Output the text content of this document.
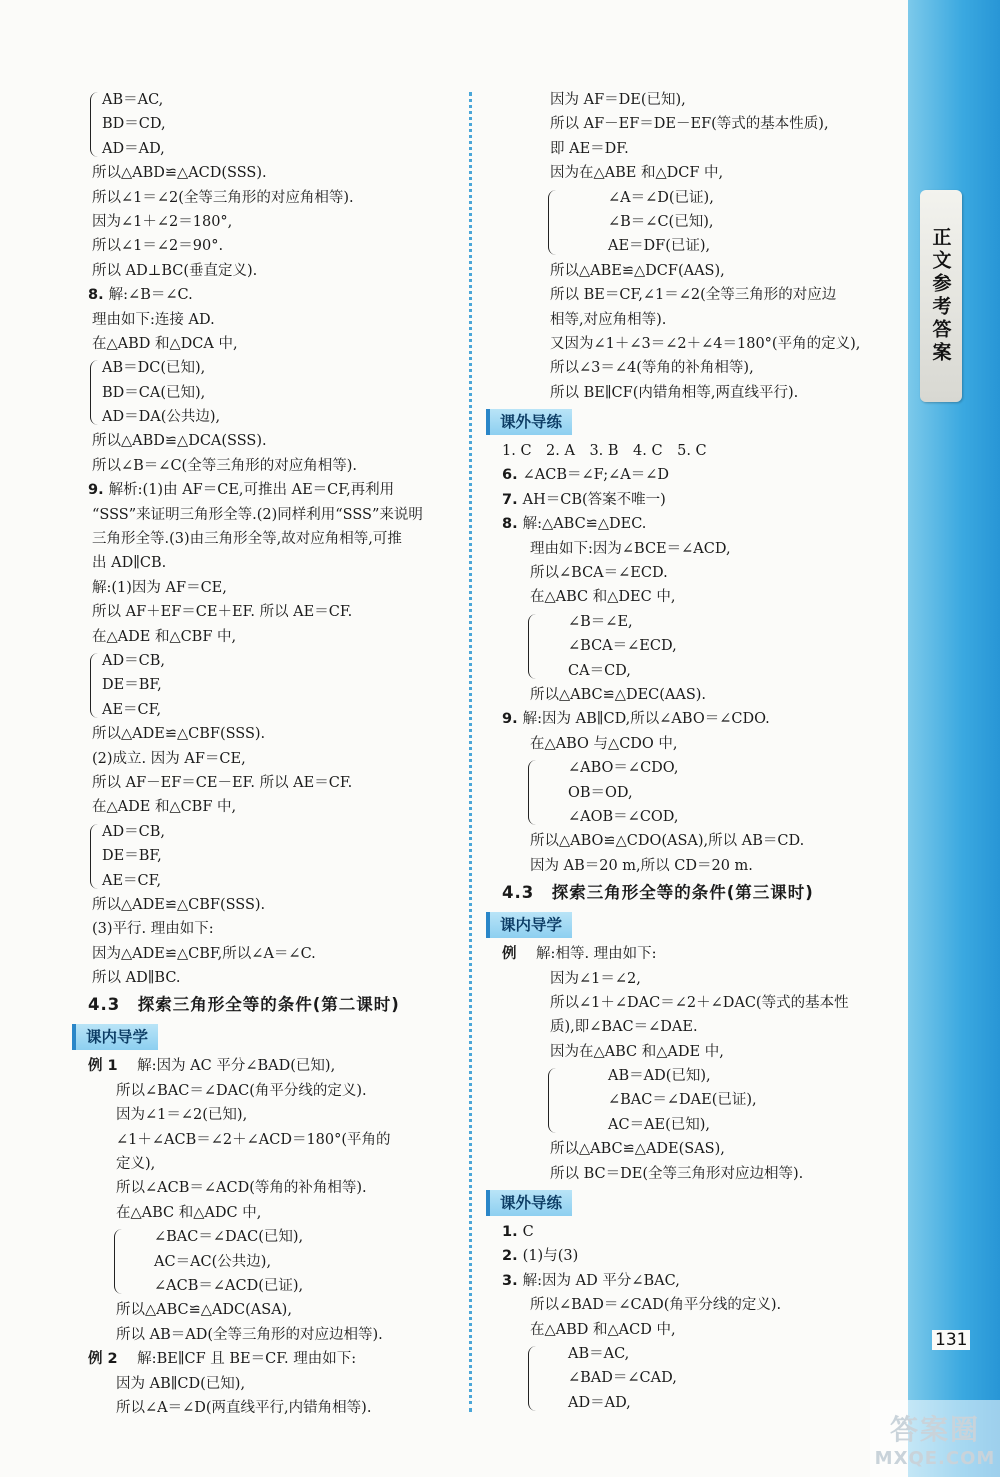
正文参考答案
AB＝AC,
BD＝CD,
AD＝AD,
所以△ABD≌△ACD(SSS).
所以∠1＝∠2(全等三角形的对应角相等).
因为∠1＋∠2＝180°,
所以∠1＝∠2＝90°.
所以 AD⊥BC(垂直定义).
8. 解:∠B＝∠C.
理由如下:连接 AD.
在△ABD 和△DCA 中,
AB＝DC(已知),
BD＝CA(已知),
AD＝DA(公共边),
所以△ABD≌△DCA(SSS).
所以∠B＝∠C(全等三角形的对应角相等).
9. 解析:(1)由 AF＝CE,可推出 AE＝CF,再利用
“SSS”来证明三角形全等.(2)同样利用“SSS”来说明
三角形全等.(3)由三角形全等,故对应角相等,可推
出 AD∥CB.
解:(1)因为 AF＝CE,
所以 AF＋EF＝CE＋EF. 所以 AE＝CF.
在△ADE 和△CBF 中,
AD＝CB,
DE＝BF,
AE＝CF,
所以△ADE≌△CBF(SSS).
(2)成立. 因为 AF＝CE,
所以 AF－EF＝CE－EF. 所以 AE＝CF.
在△ADE 和△CBF 中,
AD＝CB,
DE＝BF,
AE＝CF,
所以△ADE≌△CBF(SSS).
(3)平行. 理由如下:
因为△ADE≌△CBF,所以∠A＝∠C.
所以 AD∥BC.
4.3　探索三角形全等的条件(第二课时)
课内导学
例 1 　解:因为 AC 平分∠BAD(已知),
所以∠BAC＝∠DAC(角平分线的定义).
因为∠1＝∠2(已知),
∠1＋∠ACB＝∠2＋∠ACD＝180°(平角的
定义),
所以∠ACB＝∠ACD(等角的补角相等).
在△ABC 和△ADC 中,
∠BAC＝∠DAC(已知),
AC＝AC(公共边),
∠ACB＝∠ACD(已证),
所以△ABC≌△ADC(ASA),
所以 AB＝AD(全等三角形的对应边相等).
例 2 　解:BE∥CF 且 BE＝CF. 理由如下:
因为 AB∥CD(已知),
所以∠A＝∠D(两直线平行,内错角相等).
因为 AF＝DE(已知),
所以 AF－EF＝DE－EF(等式的基本性质),
即 AE＝DF.
因为在△ABE 和△DCF 中,
∠A＝∠D(已证),
∠B＝∠C(已知),
AE＝DF(已证),
所以△ABE≌△DCF(AAS),
所以 BE＝CF,∠1＝∠2(全等三角形的对应边
相等,对应角相等).
又因为∠1＋∠3＝∠2＋∠4＝180°(平角的定义),
所以∠3＝∠4(等角的补角相等),
所以 BE∥CF(内错角相等,两直线平行).
课外导练
1. C　2. A　3. B　4. C　5. C
6. ∠ACB＝∠F;∠A＝∠D
7. AH＝CB(答案不唯一)
8. 解:△ABC≌△DEC.
理由如下:因为∠BCE＝∠ACD,
所以∠BCA＝∠ECD.
在△ABC 和△DEC 中,
∠B＝∠E,
∠BCA＝∠ECD,
CA＝CD,
所以△ABC≌△DEC(AAS).
9. 解:因为 AB∥CD,所以∠ABO＝∠CDO.
在△ABO 与△CDO 中,
∠ABO＝∠CDO,
OB＝OD,
∠AOB＝∠COD,
所以△ABO≌△CDO(ASA),所以 AB＝CD.
因为 AB＝20 m,所以 CD＝20 m.
4.3　探索三角形全等的条件(第三课时)
课内导学
例 　解:相等. 理由如下:
因为∠1＝∠2,
所以∠1＋∠DAC＝∠2＋∠DAC(等式的基本性
质),即∠BAC＝∠DAE.
因为在△ABC 和△ADE 中,
AB＝AD(已知),
∠BAC＝∠DAE(已证),
AC＝AE(已知),
所以△ABC≌△ADE(SAS),
所以 BC＝DE(全等三角形对应边相等).
课外导练
1. C
2. (1)与(3)
3. 解:因为 AD 平分∠BAC,
所以∠BAD＝∠CAD(角平分线的定义).
在△ABD 和△ACD 中,
AB＝AC,
∠BAD＝∠CAD,
AD＝AD,
131
答案圈
MXQE.COM
